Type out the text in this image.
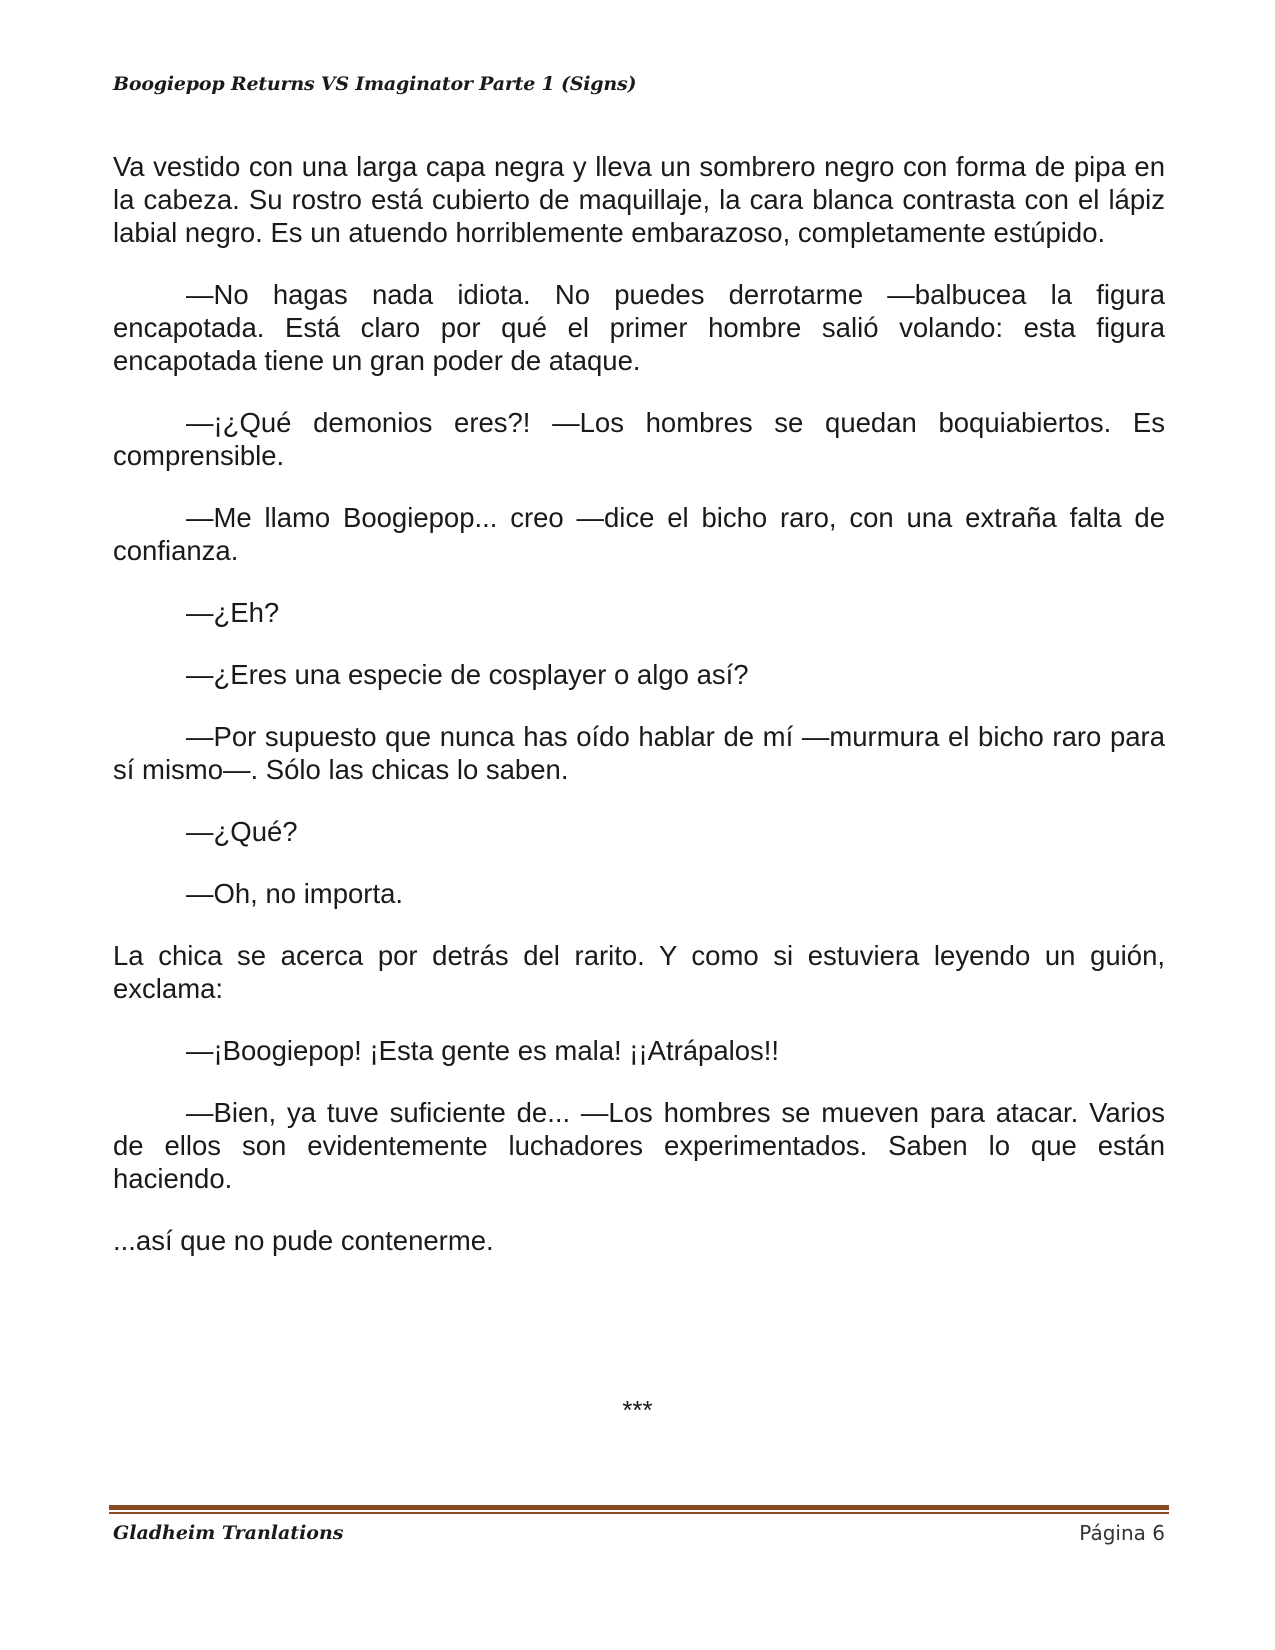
Boogiepop Returns VS Imaginator Parte 1 (Signs)

Va vestido con una larga capa negra y lleva un sombrero negro con forma de pipa en la cabeza. Su rostro está cubierto de maquillaje, la cara blanca contrasta con el lápiz labial negro. Es un atuendo horriblemente embarazoso, completamente estúpido.

—No hagas nada idiota. No puedes derrotarme —balbucea la figura encapotada. Está claro por qué el primer hombre salió volando: esta figura encapotada tiene un gran poder de ataque.

—¡¿Qué demonios eres?! —Los hombres se quedan boquiabiertos. Es comprensible.

—Me llamo Boogiepop... creo —dice el bicho raro, con una extraña falta de confianza.

—¿Eh?

—¿Eres una especie de cosplayer o algo así?

—Por supuesto que nunca has oído hablar de mí —murmura el bicho raro para sí mismo—. Sólo las chicas lo saben.

—¿Qué?

—Oh, no importa.

La chica se acerca por detrás del rarito. Y como si estuviera leyendo un guión, exclama:

—¡Boogiepop! ¡Esta gente es mala! ¡¡Atrápalos!!

—Bien, ya tuve suficiente de... —Los hombres se mueven para atacar. Varios de ellos son evidentemente luchadores experimentados. Saben lo que están haciendo.

...así que no pude contenerme.

***
Gladheim Tranlations	Página 6
